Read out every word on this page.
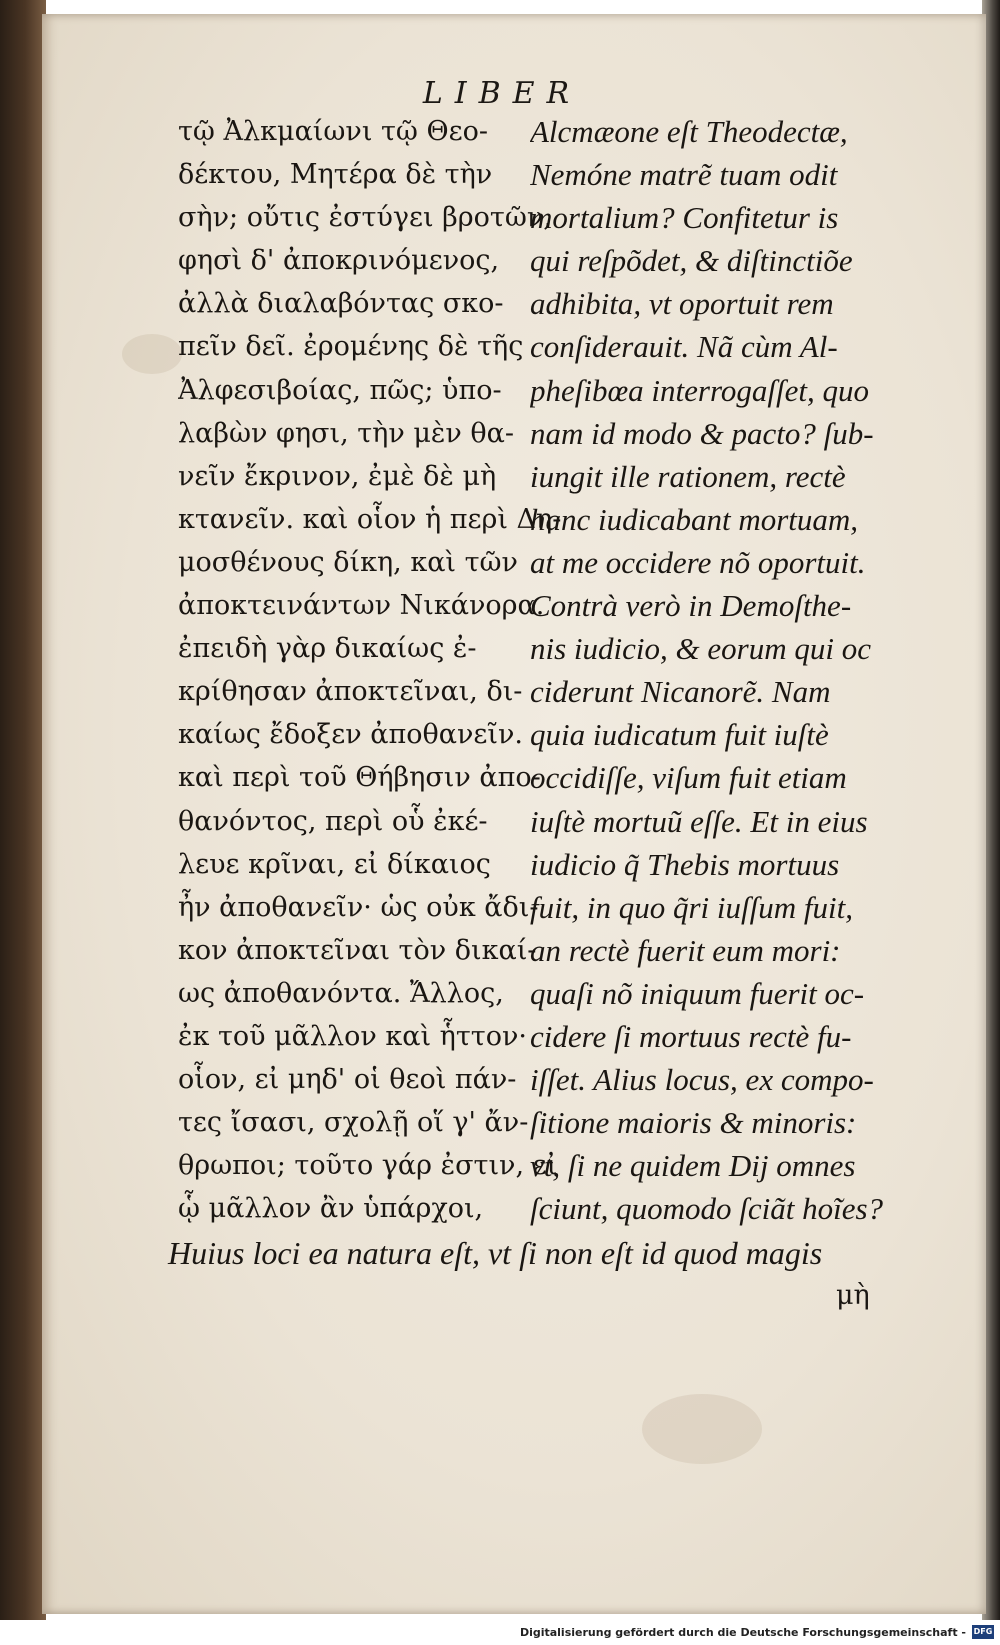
LIBER
τῷ Ἀλκμαίωνι τῷ Θεο-
δέκτου, Μητέρα δὲ τὴν
σὴν; οὔτις ἐστύγει βροτῶν,
φησὶ δ' ἀποκρινόμενος,
ἀλλὰ διαλαβόντας σκο-
πεῖν δεῖ. ἐρομένης δὲ τῆς
Ἀλφεσιβοίας, πῶς; ὑπο-
λαβὼν φησι, τὴν μὲν θα-
νεῖν ἔκρινον, ἐμὲ δὲ μὴ
κτανεῖν. καὶ οἷον ἡ περὶ Δη-
μοσθένους δίκη, καὶ τῶν
ἀποκτεινάντων Νικάνορα.
ἐπειδὴ γὰρ δικαίως ἐ-
κρίθησαν ἀποκτεῖναι, δι-
καίως ἔδοξεν ἀποθανεῖν.
καὶ περὶ τοῦ Θήβησιν ἀπο-
θανόντος, περὶ οὗ ἐκέ-
λευε κρῖναι, εἰ δίκαιος
ἦν ἀποθανεῖν· ὡς οὐκ ἄδι-
κον ἀποκτεῖναι τὸν δικαί-
ως ἀποθανόντα. Ἄλλος,
ἐκ τοῦ μᾶλλον καὶ ἧττον·
οἷον, εἰ μηδ' οἱ θεοὶ πάν-
τες ἴσασι, σχολῇ οἵ γ' ἄν-
θρωποι; τοῦτο γάρ ἐστιν, εἰ
ᾧ μᾶλλον ἂν ὑπάρχοι,
Alcmæone eſt Theodectæ,
Nemóne matrẽ tuam odit
mortalium? Confitetur is
qui reſpõdet, & diſtinctiõe
adhibita, vt oportuit rem
conſiderauit. Nã cùm Al-
pheſibœa interrogaſſet, quo
nam id modo & pacto? ſub-
iungit ille rationem, rectè
hanc iudicabant mortuam,
at me occidere nõ oportuit.
Contrà verò in Demoſthe-
nis iudicio, & eorum qui oc
ciderunt Nicanorẽ. Nam
quia iudicatum fuit iuſtè
occidiſſe, viſum fuit etiam
iuſtè mortuũ eſſe. Et in eius
iudicio q̃ Thebis mortuus
fuit, in quo q̃ri iuſſum fuit,
an rectè fuerit eum mori:
quaſi nõ iniquum fuerit oc-
cidere ſi mortuus rectè fu-
iſſet. Alius locus, ex compo-
ſitione maioris & minoris:
vt, ſi ne quidem Dij omnes
ſciunt, quomodo ſciãt hoĩes?
Huius loci ea natura eſt, vt ſi non eſt id quod magis
μὴ
Digitalisierung gefördert durch die Deutsche Forschungsgemeinschaft - DFG
